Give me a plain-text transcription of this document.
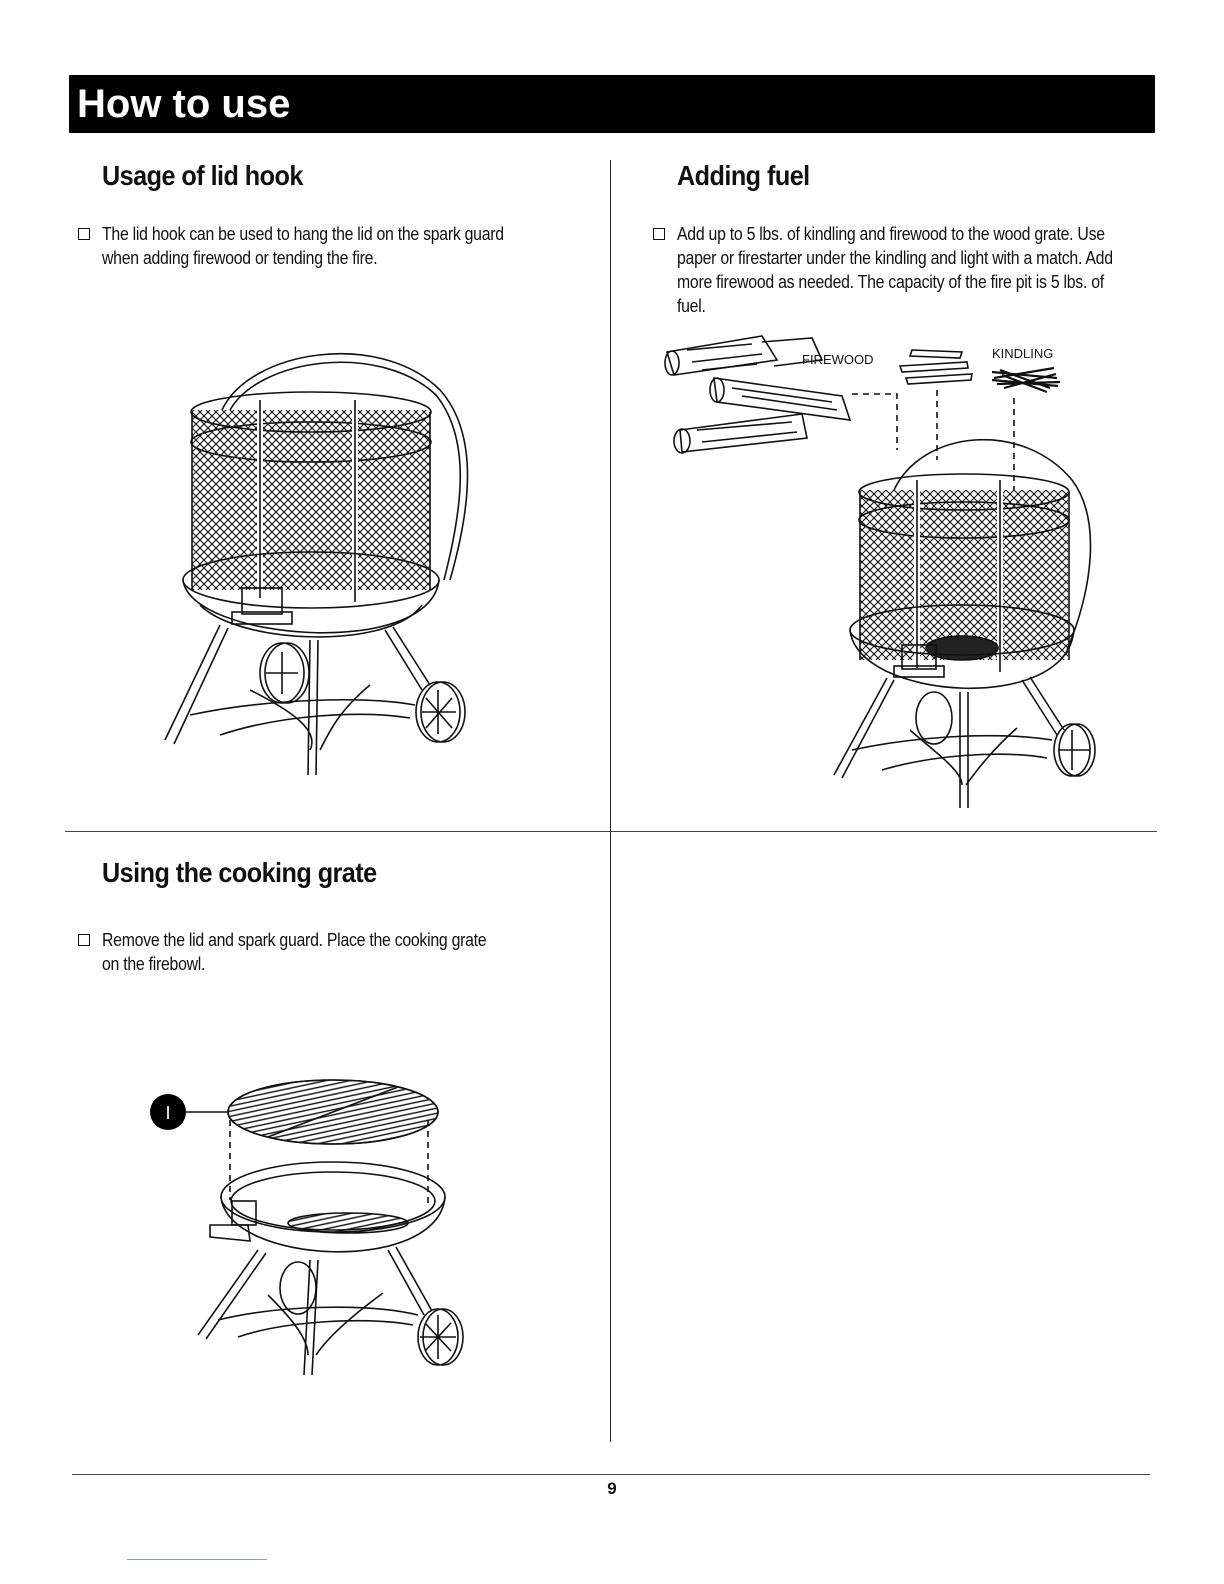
How to use
Usage of lid hook
The lid hook can be used to hang the lid on the spark guard when adding firewood or tending the fire.
Adding fuel
Add up to 5 lbs. of kindling and firewood to the wood grate. Use paper or firestarter under the kindling and light with a match. Add more firewood as needed. The capacity of the fire pit is 5 lbs. of fuel.
FIREWOOD	KINDLING
Using the cooking grate
Remove the lid and spark guard. Place the cooking grate on the firebowl.
I
9
